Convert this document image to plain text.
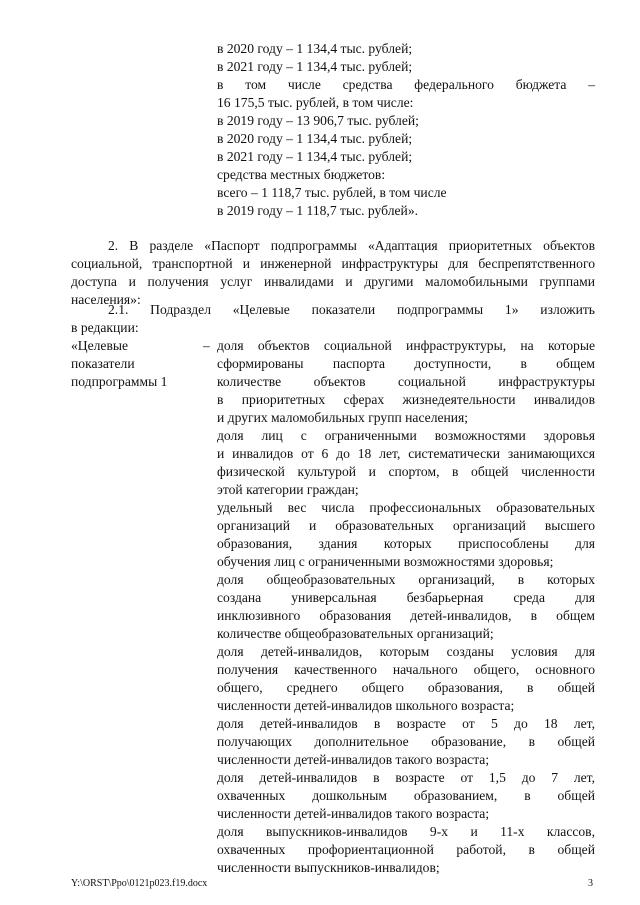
в 2020 году – 1 134,4 тыс. рублей;
в 2021 году – 1 134,4 тыс. рублей;
в том числе средства федерального бюджета –
16 175,5 тыс. рублей, в том числе:
в 2019 году – 13 906,7 тыс. рублей;
в 2020 году – 1 134,4 тыс. рублей;
в 2021 году – 1 134,4 тыс. рублей;
средства местных бюджетов:
всего – 1 118,7 тыс. рублей, в том числе
в 2019 году – 1 118,7 тыс. рублей».
2. В разделе «Паспорт подпрограммы «Адаптация приоритетных объектов
социальной, транспортной и инженерной инфраструктуры для беспрепятственного
доступа и получения услуг инвалидами и другими маломобильными группами
населения»:
2.1. Подраздел «Целевые показатели подпрограммы 1» изложить
в редакции:
«Целевые
показатели
подпрограммы 1
– доля объектов социальной инфраструктуры, на которые
сформированы паспорта доступности, в общем
количестве объектов социальной инфраструктуры
в приоритетных сферах жизнедеятельности инвалидов
и других маломобильных групп населения;
доля лиц с ограниченными возможностями здоровья
и инвалидов от 6 до 18 лет, систематически занимающихся
физической культурой и спортом, в общей численности
этой категории граждан;
удельный вес числа профессиональных образовательных
организаций и образовательных организаций высшего
образования, здания которых приспособлены для
обучения лиц с ограниченными возможностями здоровья;
доля общеобразовательных организаций, в которых
создана универсальная безбарьерная среда для
инклюзивного образования детей-инвалидов, в общем
количестве общеобразовательных организаций;
доля детей-инвалидов, которым созданы условия для
получения качественного начального общего, основного
общего, среднего общего образования, в общей
численности детей-инвалидов школьного возраста;
доля детей-инвалидов в возрасте от 5 до 18 лет,
получающих дополнительное образование, в общей
численности детей-инвалидов такого возраста;
доля детей-инвалидов в возрасте от 1,5 до 7 лет,
охваченных дошкольным образованием, в общей
численности детей-инвалидов такого возраста;
доля выпускников-инвалидов 9-х и 11-х классов,
охваченных профориентационной работой, в общей
численности выпускников-инвалидов;
Y:\ORST\Ppo\0121p023.f19.docx	3
